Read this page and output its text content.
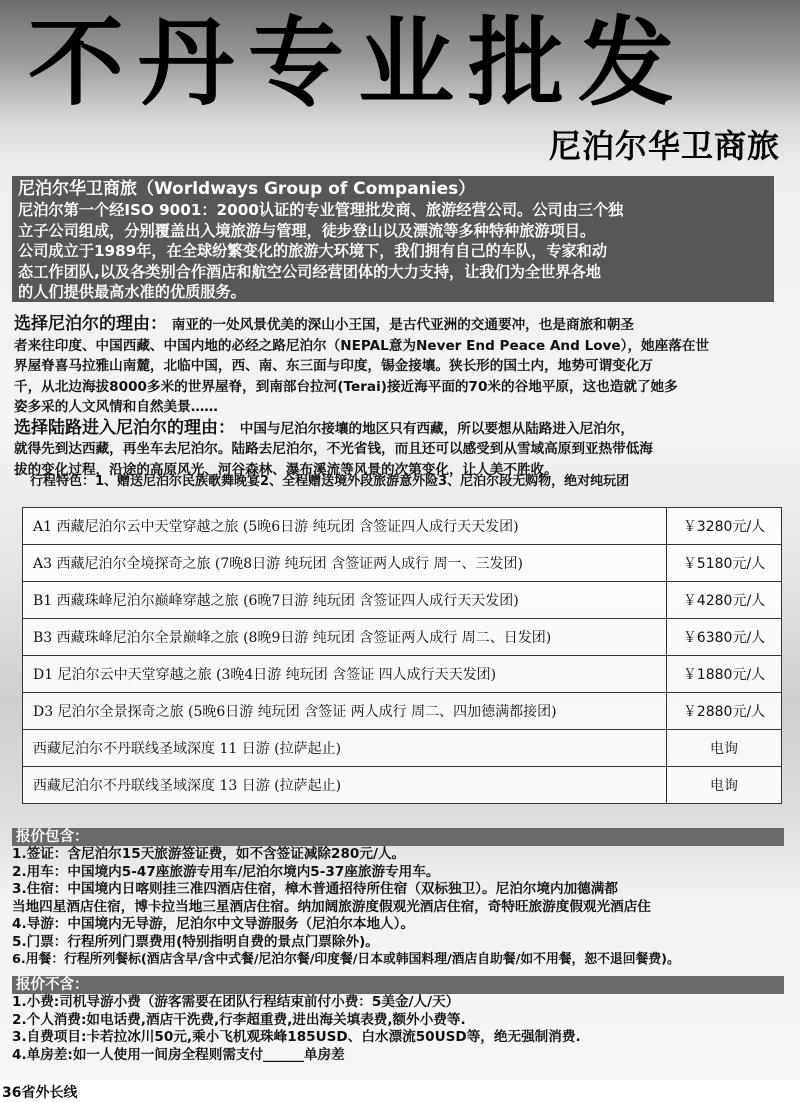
不丹专业批发
尼泊尔华卫商旅
尼泊尔华卫商旅（Worldways Group of Companies）
尼泊尔第一个经ISO 9001：2000认证的专业管理批发商、旅游经营公司。公司由三个独
立子公司组成，分别覆盖出入境旅游与管理，徒步登山以及漂流等多种特种旅游项目。
公司成立于1989年，在全球纷繁变化的旅游大环境下，我们拥有自己的车队，专家和动
态工作团队,以及各类别合作酒店和航空公司经营团体的大力支持，让我们为全世界各地
的人们提供最高水准的优质服务。
选择尼泊尔的理由： 南亚的一处风景优美的深山小王国，是古代亚洲的交通要冲，也是商旅和朝圣
者来往印度、中国西藏、中国内地的必经之路尼泊尔（NEPAL意为Never End Peace And Love），她座落在世
界屋脊喜马拉雅山南麓，北临中国，西、南、东三面与印度，锡金接壤。狭长形的国土内，地势可谓变化万
千，从北边海拔8000多米的世界屋脊，到南部台拉河(Terai)接近海平面的70米的谷地平原，这也造就了她多
姿多采的人文风情和自然美景……
选择陆路进入尼泊尔的理由： 中国与尼泊尔接壤的地区只有西藏，所以要想从陆路进入尼泊尔，
就得先到达西藏，再坐车去尼泊尔。陆路去尼泊尔，不光省钱，而且还可以感受到从雪域高原到亚热带低海
拔的变化过程，沿途的高原风光、河谷森林、瀑布溪流等风景的次第变化，让人美不胜收。
行程特色：1、赠送尼泊尔民族歌舞晚宴2、全程赠送境外段旅游意外险3、尼泊尔段无购物，绝对纯玩团
A1 西藏尼泊尔云中天堂穿越之旅 (5晚6日游 纯玩团 含签证四人成行天天发团)	￥3280元/人
A3 西藏尼泊尔全境探奇之旅 (7晚8日游 纯玩团 含签证两人成行 周一、三发团)	￥5180元/人
B1 西藏珠峰尼泊尔巅峰穿越之旅 (6晚7日游 纯玩团 含签证四人成行天天发团)	￥4280元/人
B3 西藏珠峰尼泊尔全景巅峰之旅 (8晚9日游 纯玩团 含签证两人成行 周二、日发团)	￥6380元/人
D1 尼泊尔云中天堂穿越之旅 (3晚4日游 纯玩团 含签证 四人成行天天发团)	￥1880元/人
D3 尼泊尔全景探奇之旅 (5晚6日游 纯玩团 含签证 两人成行 周二、四加德满都接团)	￥2880元/人
西藏尼泊尔不丹联线圣域深度 11 日游 (拉萨起止)	电询
西藏尼泊尔不丹联线圣域深度 13 日游 (拉萨起止)	电询
报价包含：
1.签证：含尼泊尔15天旅游签证费，如不含签证减除280元/人。
2.用车：中国境内5-47座旅游专用车/尼泊尔境内5-37座旅游专用车。
3.住宿：中国境内日喀则挂三准四酒店住宿，樟木普通招待所住宿（双标独卫）。尼泊尔境内加德满都
当地四星酒店住宿，博卡拉当地三星酒店住宿。纳加阔旅游度假观光酒店住宿，奇特旺旅游度假观光酒店住
4.导游：中国境内无导游，尼泊尔中文导游服务（尼泊尔本地人）。
5.门票：行程所列门票费用(特别指明自费的景点门票除外)。
6.用餐：行程所列餐标(酒店含早/含中式餐/尼泊尔餐/印度餐/日本或韩国料理/酒店自助餐/如不用餐，恕不退回餐费)。
报价不含：
1.小费:司机导游小费（游客需要在团队行程结束前付小费：5美金/人/天）
2.个人消费:如电话费,酒店干洗费,行李超重费,进出海关填表费,额外小费等.
3.自费项目:卡若拉冰川50元,乘小飞机观珠峰185USD、白水漂流50USD等，绝无强制消费.
4.单房差:如一人使用一间房全程则需支付______单房差
36省外长线
